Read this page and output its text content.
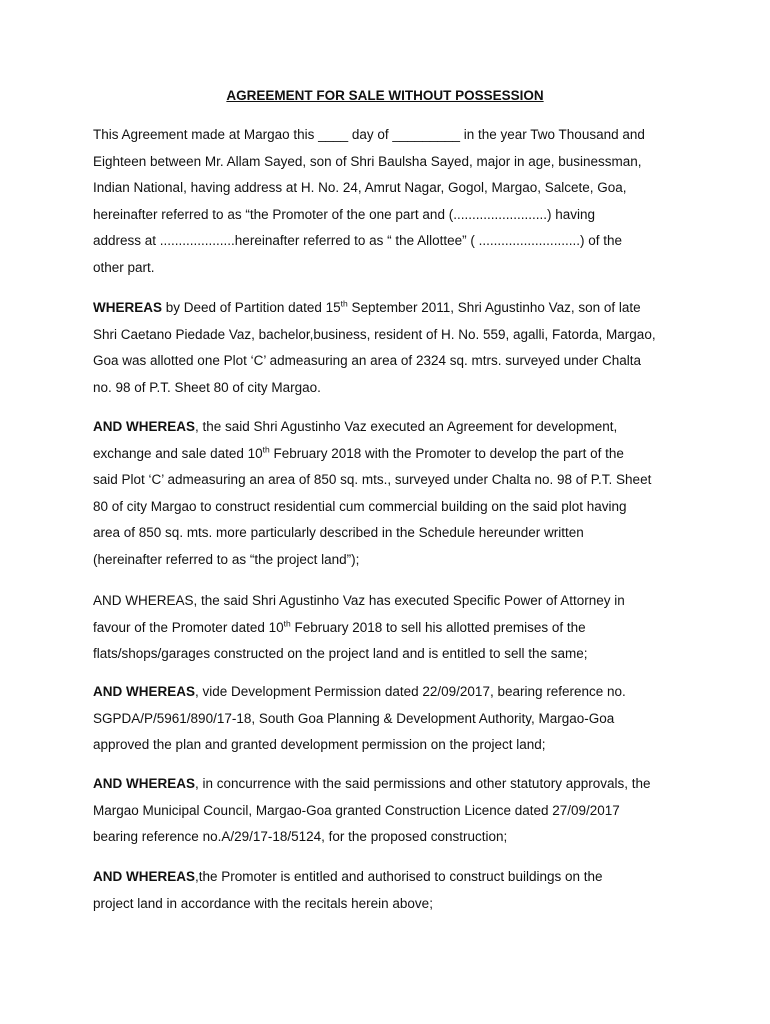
AGREEMENT FOR SALE WITHOUT POSSESSION
This Agreement made at Margao this ____ day of _________ in the year Two Thousand and
Eighteen between Mr. Allam Sayed, son of Shri Baulsha Sayed, major in age, businessman,
Indian National, having address at H. No. 24, Amrut Nagar, Gogol, Margao, Salcete, Goa,
hereinafter referred to as “the Promoter of the one part and (.........................) having
address at ....................hereinafter referred to as “ the Allottee” ( ...........................) of the
other part.
WHEREAS by Deed of Partition dated 15th September 2011, Shri Agustinho Vaz, son of late
Shri Caetano Piedade Vaz, bachelor,business, resident of H. No. 559, agalli, Fatorda, Margao,
Goa was allotted one Plot ‘C’ admeasuring an area of 2324 sq. mtrs. surveyed under Chalta
no. 98 of P.T. Sheet 80 of city Margao.
AND WHEREAS, the said Shri Agustinho Vaz executed an Agreement for development,
exchange and sale dated 10th February 2018 with the Promoter to develop the part of the
said Plot ‘C’ admeasuring an area of 850 sq. mts., surveyed under Chalta no. 98 of P.T. Sheet
80 of city Margao to construct residential cum commercial building on the said plot having
area of 850 sq. mts. more particularly described in the Schedule hereunder written
(hereinafter referred to as “the project land”);
AND WHEREAS, the said Shri Agustinho Vaz has executed Specific Power of Attorney in
favour of the Promoter dated 10th February 2018 to sell his allotted premises of the
flats/shops/garages constructed on the project land and is entitled to sell the same;
AND WHEREAS, vide Development Permission dated 22/09/2017, bearing reference no.
SGPDA/P/5961/890/17-18, South Goa Planning & Development Authority, Margao-Goa
approved the plan and granted development permission on the project land;
AND WHEREAS, in concurrence with the said permissions and other statutory approvals, the
Margao Municipal Council, Margao-Goa granted Construction Licence dated 27/09/2017
bearing reference no.A/29/17-18/5124, for the proposed construction;
AND WHEREAS,the Promoter is entitled and authorised to construct buildings on the
project land in accordance with the recitals herein above;
